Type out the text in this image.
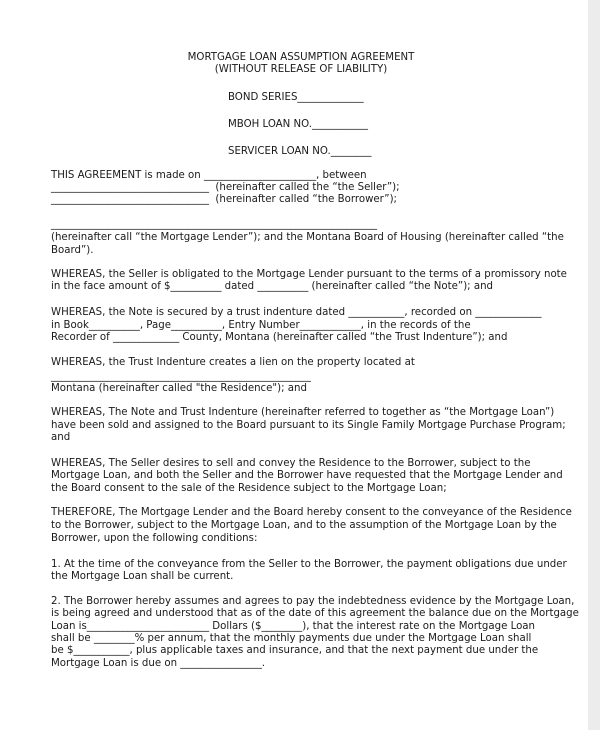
MORTGAGE LOAN ASSUMPTION AGREEMENT
(WITHOUT RELEASE OF LIABILITY)
BOND SERIES_____________
MBOH LOAN NO.___________
SERVICER LOAN NO.________
THIS AGREEMENT is made on ______________________, between
_______________________________  (hereinafter called the “the Seller”);
_______________________________  (hereinafter called “the Borrower”);
________________________________________________________________
(hereinafter call “the Mortgage Lender”); and the Montana Board of Housing (hereinafter called “the
Board”).
WHEREAS, the Seller is obligated to the Mortgage Lender pursuant to the terms of a promissory note
in the face amount of $__________ dated __________ (hereinafter called “the Note”); and
WHEREAS, the Note is secured by a trust indenture dated ___________, recorded on _____________
in Book__________, Page__________, Entry Number____________, in the records of the
Recorder of _____________ County, Montana (hereinafter called “the Trust Indenture”); and
WHEREAS, the Trust Indenture creates a lien on the property located at
___________________________________________________
Montana (hereinafter called "the Residence"); and
WHEREAS, The Note and Trust Indenture (hereinafter referred to together as “the Mortgage Loan”)
have been sold and assigned to the Board pursuant to its Single Family Mortgage Purchase Program;
and
WHEREAS, The Seller desires to sell and convey the Residence to the Borrower, subject to the
Mortgage Loan, and both the Seller and the Borrower have requested that the Mortgage Lender and
the Board consent to the sale of the Residence subject to the Mortgage Loan;
THEREFORE, The Mortgage Lender and the Board hereby consent to the conveyance of the Residence
to the Borrower, subject to the Mortgage Loan, and to the assumption of the Mortgage Loan by the
Borrower, upon the following conditions:
1. At the time of the conveyance from the Seller to the Borrower, the payment obligations due under
the Mortgage Loan shall be current.
2. The Borrower hereby assumes and agrees to pay the indebtedness evidence by the Mortgage Loan,
is being agreed and understood that as of the date of this agreement the balance due on the Mortgage
Loan is________________________ Dollars ($________), that the interest rate on the Mortgage Loan
shall be ________% per annum, that the monthly payments due under the Mortgage Loan shall
be $___________, plus applicable taxes and insurance, and that the next payment due under the
Mortgage Loan is due on ________________.
